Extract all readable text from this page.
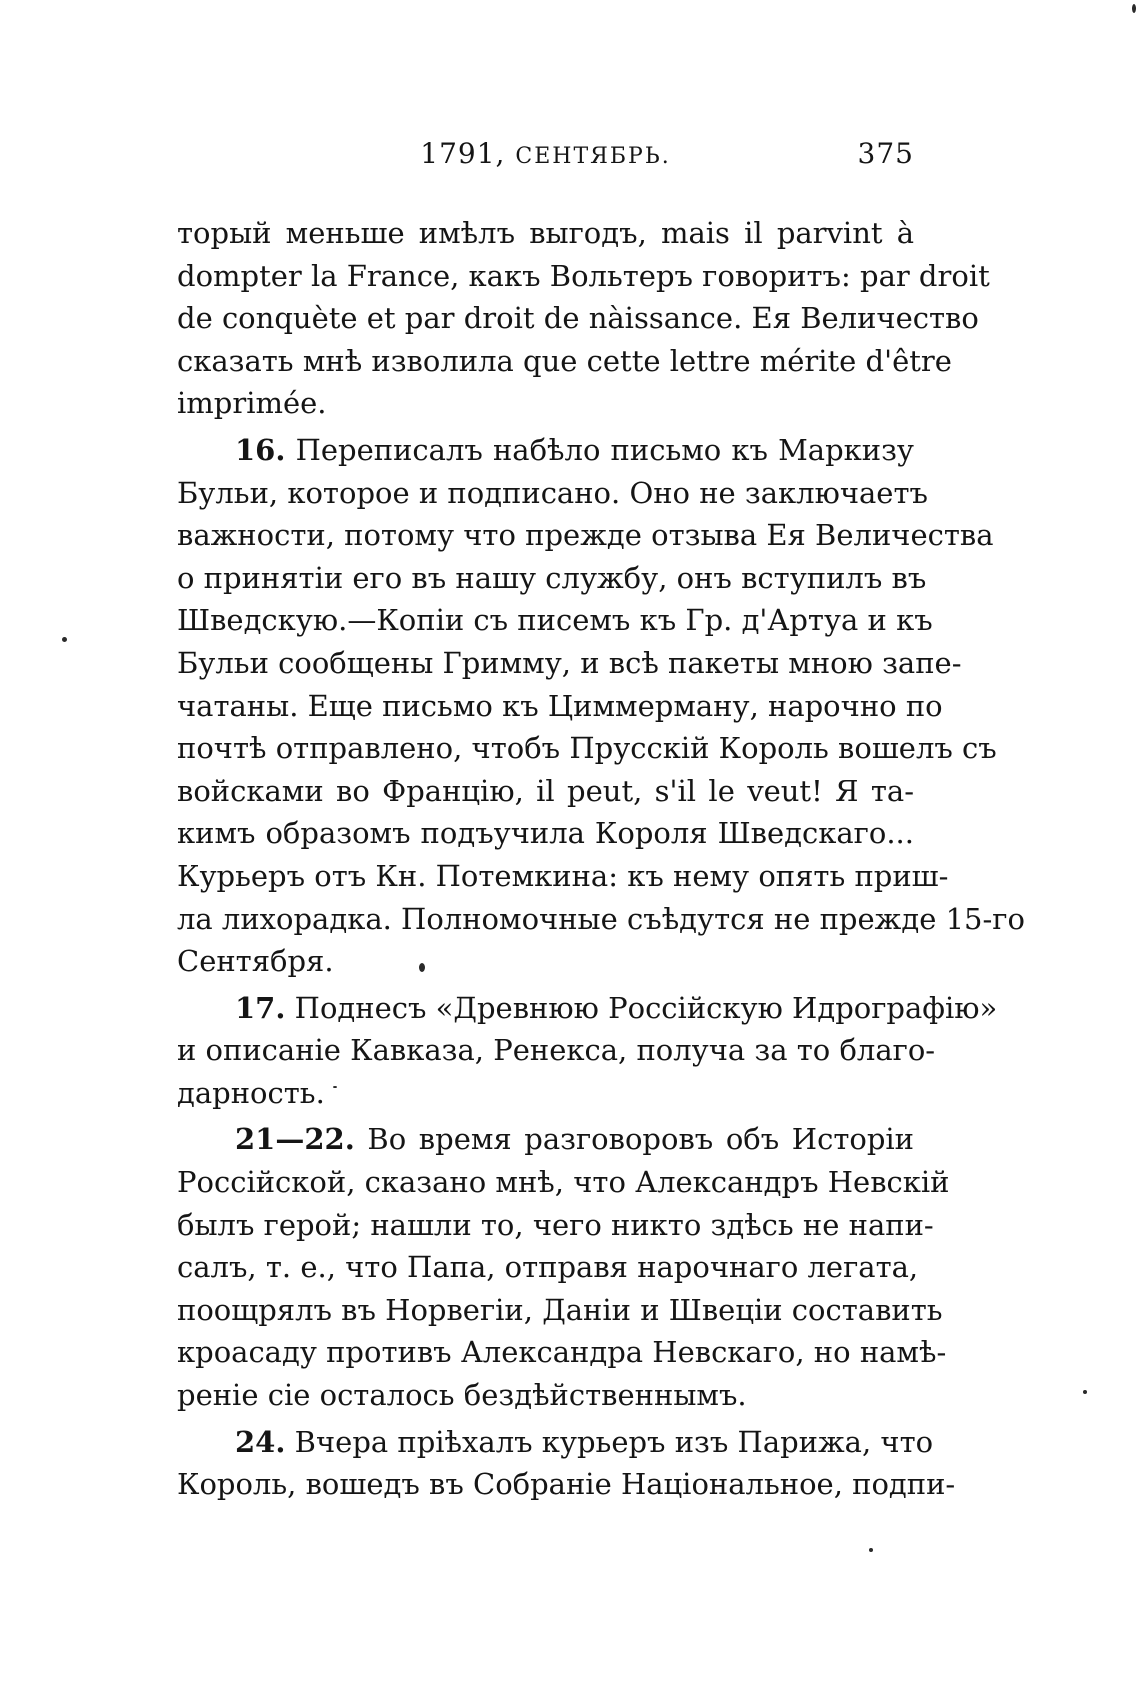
1791, СЕНТЯБРЬ.	375
торый меньше имѣлъ выгодъ, mais il parvint à
dompter la France, какъ Вольтеръ говоритъ: par droit
de conquète et par droit de nàissance. Ея Величество
сказать мнѣ изволила que cette lettre mérite d'être
imprimée.
16. Переписалъ набѣло письмо къ Маркизу
Бульи, которое и подписано. Оно не заключаетъ
важности, потому что прежде отзыва Ея Величества
о принятіи его въ нашу службу, онъ вступилъ въ
Шведскую.—Копіи съ писемъ къ Гр. д'Артуа и къ
Бульи сообщены Гримму, и всѣ пакеты мною запе-
чатаны. Еще письмо къ Циммерману, нарочно по
почтѣ отправлено, чтобъ Прусскій Король вошелъ съ
войсками во Францію, il peut, s'il le veut! Я та-
кимъ образомъ подъучила Короля Шведскаго...
Курьеръ отъ Кн. Потемкина: къ нему опять приш-
ла лихорадка. Полномочные съѣдутся не прежде 15-го
Сентября.
17. Поднесъ «Древнюю Россійскую Идрографію»
и описаніе Кавказа, Ренекса, получа за то благо-
дарность.
21—22. Во время разговоровъ объ Исторіи
Россійской, сказано мнѣ, что Александръ Невскій
былъ герой; нашли то, чего никто здѣсь не напи-
салъ, т. е., что Папа, отправя нарочнаго легата,
поощрялъ въ Норвегіи, Даніи и Швеціи составить
кроасаду противъ Александра Невскаго, но намѣ-
реніе сіе осталось бездѣйственнымъ.
24. Вчера пріѣхалъ курьеръ изъ Парижа, что
Король, вошедъ въ Собраніе Національное, подпи-
